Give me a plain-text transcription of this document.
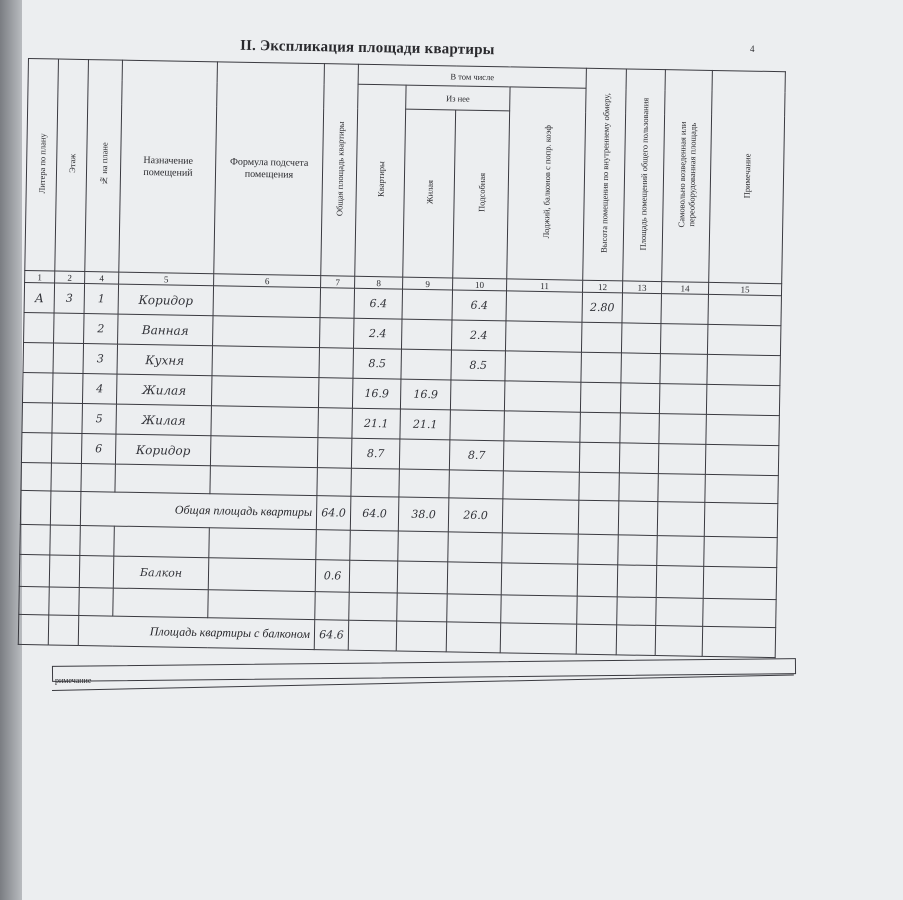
II. Экспликация площади квартиры	4
Литера по плану	Этаж	№ на плане	Назначение помещений	Формула подсчета помещения	Общая площадь квартиры	В том числе				Высота помещения по внутреннему обмеру,	Площадь помещений общего пользования	Самовольно возведенная или переоборудованная площадь	Примечание
						Квартиры	Из нее		Лоджий, балконов с попр. коэф				
							Жилая	Подсобная					
1	2	4	5	6	7	8	9	10	11	12	13	14	15
А	3	1	Коридор			6.4		6.4		2.80			
		2	Ванная			2.4		2.4					
		3	Кухня			8.5		8.5					
		4	Жилая			16.9	16.9						
		5	Жилая			21.1	21.1						
		6	Коридор			8.7		8.7					

		Общая площадь квартиры			64.0	64.0	38.0	26.0					

			Балкон		0.6								

		Площадь квартиры с балконом			64.6								
римечание
